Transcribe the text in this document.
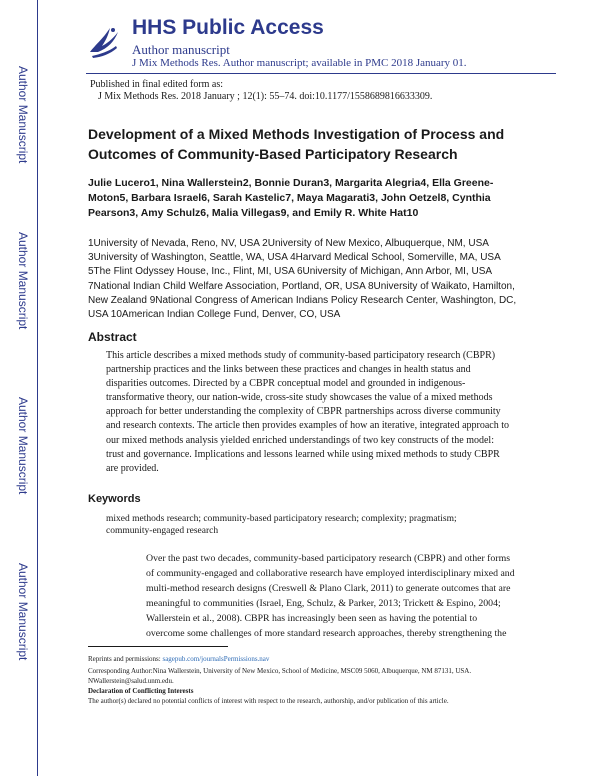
Author Manuscript
Author Manuscript
Author Manuscript
Author Manuscript
HHS Public Access
Author manuscript
J Mix Methods Res. Author manuscript; available in PMC 2018 January 01.
Published in final edited form as:
J Mix Methods Res. 2018 January ; 12(1): 55–74. doi:10.1177/1558689816633309.
Development of a Mixed Methods Investigation of Process and Outcomes of Community-Based Participatory Research
Julie Lucero1, Nina Wallerstein2, Bonnie Duran3, Margarita Alegria4, Ella Greene-Moton5, Barbara Israel6, Sarah Kastelic7, Maya Magarati3, John Oetzel8, Cynthia Pearson3, Amy Schulz6, Malia Villegas9, and Emily R. White Hat10
1University of Nevada, Reno, NV, USA 2University of New Mexico, Albuquerque, NM, USA 3University of Washington, Seattle, WA, USA 4Harvard Medical School, Somerville, MA, USA 5The Flint Odyssey House, Inc., Flint, MI, USA 6University of Michigan, Ann Arbor, MI, USA 7National Indian Child Welfare Association, Portland, OR, USA 8University of Waikato, Hamilton, New Zealand 9National Congress of American Indians Policy Research Center, Washington, DC, USA 10American Indian College Fund, Denver, CO, USA
Abstract
This article describes a mixed methods study of community-based participatory research (CBPR) partnership practices and the links between these practices and changes in health status and disparities outcomes. Directed by a CBPR conceptual model and grounded in indigenous-transformative theory, our nation-wide, cross-site study showcases the value of a mixed methods approach for better understanding the complexity of CBPR partnerships across diverse community and research contexts. The article then provides examples of how an iterative, integrated approach to our mixed methods analysis yielded enriched understandings of two key constructs of the model: trust and governance. Implications and lessons learned while using mixed methods to study CBPR are provided.
Keywords
mixed methods research; community-based participatory research; complexity; pragmatism; community-engaged research
Over the past two decades, community-based participatory research (CBPR) and other forms of community-engaged and collaborative research have employed interdisciplinary mixed and multi-method research designs (Creswell & Plano Clark, 2011) to generate outcomes that are meaningful to communities (Israel, Eng, Schulz, & Parker, 2013; Trickett & Espino, 2004; Wallerstein et al., 2008). CBPR has increasingly been seen as having the potential to overcome some challenges of more standard research approaches, thereby strengthening the
Reprints and permissions: sagepub.com/journalsPermissions.nav
Corresponding Author:Nina Wallerstein, University of New Mexico, School of Medicine, MSC09 5060, Albuquerque, NM 87131, USA. NWallerstein@salud.unm.edu.
Declaration of Conflicting Interests
The author(s) declared no potential conflicts of interest with respect to the research, authorship, and/or publication of this article.
